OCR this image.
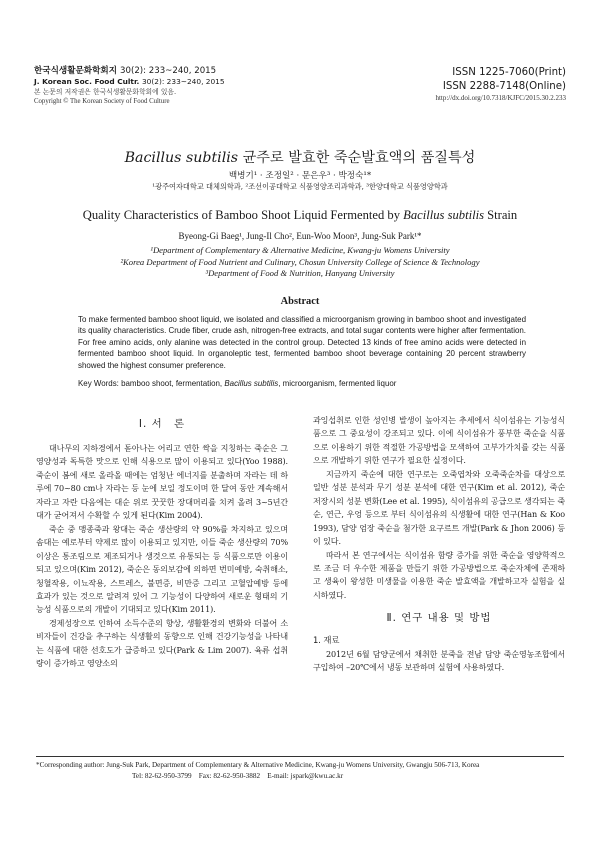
한국식생활문화학회지 30(2): 233~240, 2015
J. Korean Soc. Food Cultr. 30(2): 233~240, 2015
본 논문의 저작권은 한국식생활문화학회에 있음.
Copyright © The Korean Society of Food Culture
ISSN 1225-7060(Print)
ISSN 2288-7148(Online)
http://dx.doi.org/10.7318/KJFC/2015.30.2.233
Bacillus subtilis 균주로 발효한 죽순발효액의 품질특성
백병기¹ · 조정일² · 문은우³ · 박정숙¹*
¹광주여자대학교 대체의학과, ²조선이공대학교 식품영양조리과학과, ³한양대학교 식품영양학과
Quality Characteristics of Bamboo Shoot Liquid Fermented by Bacillus subtilis Strain
Byeong-Gi Baeg¹, Jung-Il Cho², Eun-Woo Moon³, Jung-Suk Park¹*
¹Department of Complementary & Alternative Medicine, Kwang-ju Womens University
²Korea Department of Food Nutrient and Culinary, Chosun University College of Science & Technology
³Department of Food & Nutrition, Hanyang University
Abstract
To make fermented bamboo shoot liquid, we isolated and classified a microorganism growing in bamboo shoot and investigated its quality characteristics. Crude fiber, crude ash, nitrogen-free extracts, and total sugar contents were higher after fermentation. For free amino acids, only alanine was detected in the control group. Detected 13 kinds of free amino acids were detected in fermented bamboo shoot liquid. In organoleptic test, fermented bamboo shoot beverage containing 20 percent strawberry showed the highest consumer preference.
Key Words: bamboo shoot, fermentation, Bacillus subtilis, microorganism, fermented liquor
Ⅰ. 서　론

대나무의 지하경에서 돋아나는 어리고 연한 싹을 지칭하는 죽순은 그 영양성과 독특한 맛으로 인해 식용으로 많이 이용되고 있다(Yoo 1988). 죽순이 봄에 새로 올라올 때에는 엄청난 에너지를 분출하며 자라는 데 하루에 70~80 cm나 자라는 등 눈에 보일 정도이며 한 달여 동안 계속해서 자라고 자란 다음에는 대순 위로 꿋꿋한 장대머리를 치켜 올려 3~5년간 대가 굳어져서 수확할 수 있게 된다(Kim 2004).

죽순 중 맹종죽과 왕대는 죽순 생산량의 약 90%를 차지하고 있으며 솜대는 예로부터 약제로 많이 이용되고 있지만, 이들 죽순 생산량의 70% 이상은 통조림으로 제조되거나 생것으로 유통되는 등 식품으로만 이용이 되고 있으며(Kim 2012), 죽순은 동의보감에 의하면 번미예방, 숙취해소, 청혈작용, 이뇨작용, 스트레스, 불면증, 비만증 그리고 고혈압예방 등에 효과가 있는 것으로 알려져 있어 그 기능성이 다양하여 새로운 형태의 기능성 식품으로의 개발이 기대되고 있다(Kim 2011).

경제성장으로 인하여 소득수준의 향상, 생활환경의 변화와 더불어 소비자들이 건강을 추구하는 식생활의 동향으로 인해 건강기능성을 나타내는 식품에 대한 선호도가 급증하고 있다(Park & Lim 2007). 육류 섭취량이 증가하고 영양소의

과잉섭취로 인한 성인병 발생이 높아지는 추세에서 식이섬유는 기능성식품으로 그 중요성이 강조되고 있다. 이에 식이섬유가 풍부한 죽순을 식품으로 이용하기 위한 적절한 가공방법을 모색하여 고부가가치를 갖는 식품으로 개발하기 위한 연구가 필요한 실정이다.

지금까지 죽순에 대한 연구로는 오죽엽차와 오죽죽순차를 대상으로 일반 성분 분석과 무기 성분 분석에 대한 연구(Kim et al. 2012), 죽순 저장시의 성분 변화(Lee et al. 1995), 식이섬유의 공급으로 생각되는 죽순, 연근, 우엉 등으로 부터 식이섬유의 식생활에 대한 연구(Han & Koo 1993), 담양 엄장 죽순을 첨가한 요구르트 개발(Park & Jhon 2006) 등이 있다.

따라서 본 연구에서는 식이섬유 함량 증가를 위한 죽순을 영양학적으로 조금 더 우수한 제품을 만들기 위한 가공방법으로 죽순자체에 존재하고 생육이 왕성한 미생물을 이용한 죽순 발효액을 개발하고자 실험을 실시하였다.

Ⅱ. 연구 내용 및 방법
1. 재료

2012년 6월 담양군에서 채취한 분죽을 전남 담양 죽순영농조합에서 구입하여 –20℃에서 냉동 보관하며 실험에 사용하였다.

*Corresponding author: Jung-Suk Park, Department of Complementary & Alternative Medicine, Kwang-ju Womens University, Gwangju 506-713, Korea
Tel: 82-62-950-3799　Fax: 82-62-950-3882　E-mail: jspark@kwu.ac.kr
